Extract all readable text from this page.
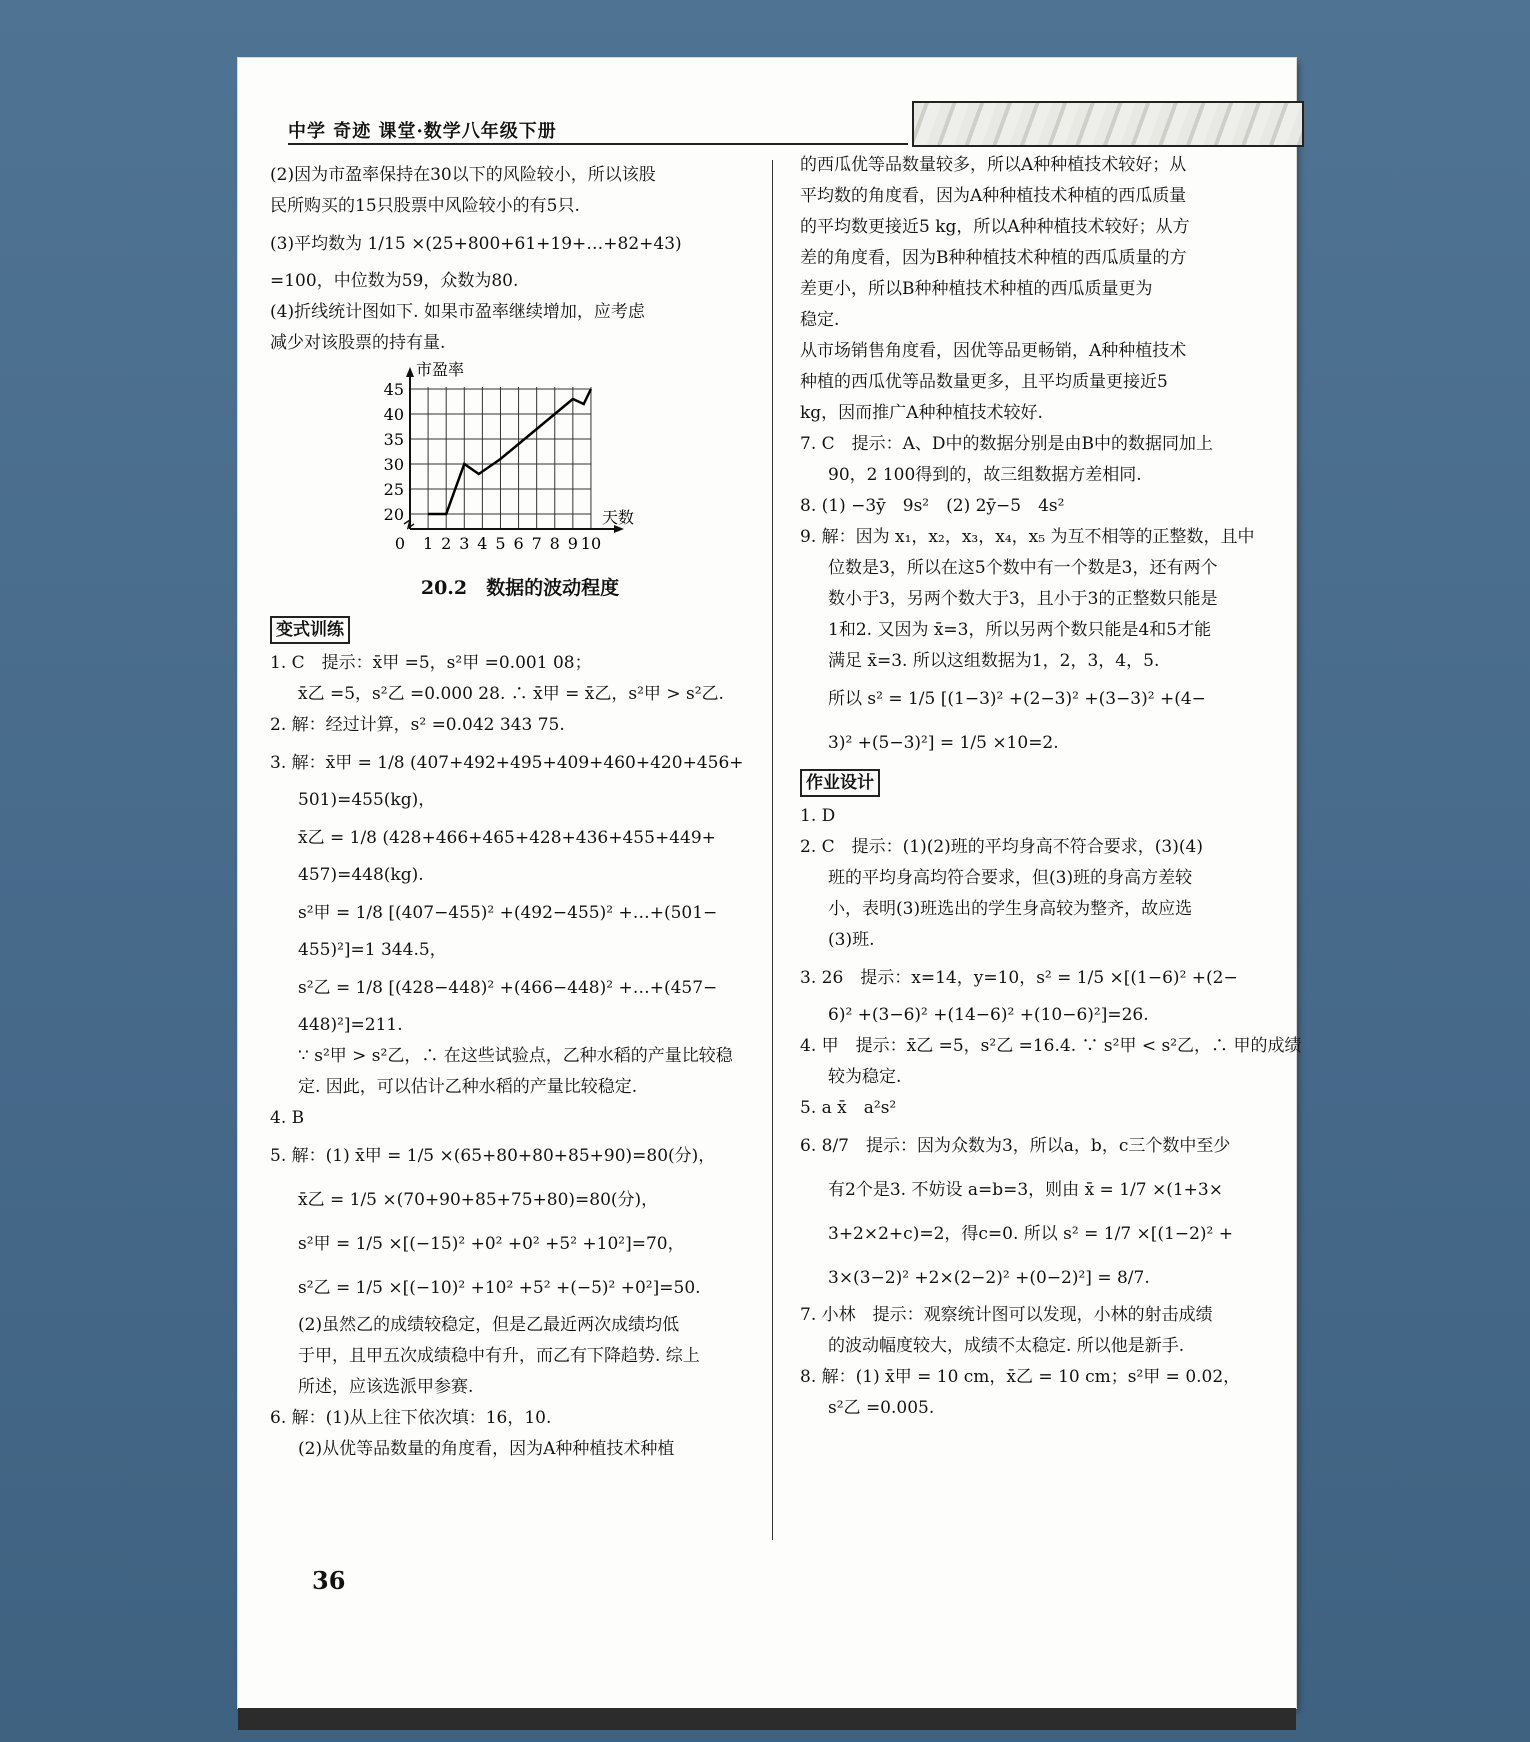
中学 奇迹 课堂·数学八年级下册
(2)因为市盈率保持在30以下的风险较小，所以该股
民所购买的15只股票中风险较小的有5只.
(3)平均数为 1/15 ×(25+800+61+19+…+82+43)
=100，中位数为59，众数为80.
(4)折线统计图如下. 如果市盈率继续增加，应考虑
减少对该股票的持有量.
0 1 2 3 4 5 6 7 8 9 10
20
25
30
35
40
45
市盈率
天数
20.2　数据的波动程度
变式训练
1. C　提示：x̄甲 =5，s²甲 =0.001 08；
x̄乙 =5，s²乙 =0.000 28. ∴ x̄甲 = x̄乙，s²甲 > s²乙.
2. 解：经过计算，s² =0.042 343 75.
3. 解：x̄甲 = 1/8 (407+492+495+409+460+420+456+
501)=455(kg)，
x̄乙 = 1/8 (428+466+465+428+436+455+449+
457)=448(kg).
s²甲 = 1/8 [(407−455)² +(492−455)² +…+(501−
455)²]=1 344.5，
s²乙 = 1/8 [(428−448)² +(466−448)² +…+(457−
448)²]=211.
∵ s²甲 > s²乙，∴ 在这些试验点，乙种水稻的产量比较稳
定. 因此，可以估计乙种水稻的产量比较稳定.
4. B
5. 解：(1) x̄甲 = 1/5 ×(65+80+80+85+90)=80(分)，
x̄乙 = 1/5 ×(70+90+85+75+80)=80(分)，
s²甲 = 1/5 ×[(−15)² +0² +0² +5² +10²]=70，
s²乙 = 1/5 ×[(−10)² +10² +5² +(−5)² +0²]=50.
(2)虽然乙的成绩较稳定，但是乙最近两次成绩均低
于甲，且甲五次成绩稳中有升，而乙有下降趋势. 综上
所述，应该选派甲参赛.
6. 解：(1)从上往下依次填：16，10.
(2)从优等品数量的角度看，因为A种种植技术种植
的西瓜优等品数量较多，所以A种种植技术较好；从
平均数的角度看，因为A种种植技术种植的西瓜质量
的平均数更接近5 kg，所以A种种植技术较好；从方
差的角度看，因为B种种植技术种植的西瓜质量的方
差更小，所以B种种植技术种植的西瓜质量更为
稳定.
从市场销售角度看，因优等品更畅销，A种种植技术
种植的西瓜优等品数量更多，且平均质量更接近5
kg，因而推广A种种植技术较好.
7. C　提示：A、D中的数据分别是由B中的数据同加上
90，2 100得到的，故三组数据方差相同.
8. (1) −3ȳ　9s²　(2) 2ȳ−5　4s²
9. 解：因为 x₁，x₂，x₃，x₄，x₅ 为互不相等的正整数，且中
位数是3，所以在这5个数中有一个数是3，还有两个
数小于3，另两个数大于3，且小于3的正整数只能是
1和2. 又因为 x̄=3，所以另两个数只能是4和5才能
满足 x̄=3. 所以这组数据为1，2，3，4，5.
所以 s² = 1/5 [(1−3)² +(2−3)² +(3−3)² +(4−
3)² +(5−3)²] = 1/5 ×10=2.
作业设计
1. D
2. C　提示：(1)(2)班的平均身高不符合要求，(3)(4)
班的平均身高均符合要求，但(3)班的身高方差较
小，表明(3)班选出的学生身高较为整齐，故应选
(3)班.
3. 26　提示：x=14，y=10，s² = 1/5 ×[(1−6)² +(2−
6)² +(3−6)² +(14−6)² +(10−6)²]=26.
4. 甲　提示：x̄乙 =5，s²乙 =16.4. ∵ s²甲 < s²乙，∴ 甲的成绩
较为稳定.
5. a x̄　a²s²
6. 8/7　提示：因为众数为3，所以a，b，c三个数中至少
有2个是3. 不妨设 a=b=3，则由 x̄ = 1/7 ×(1+3×
3+2×2+c)=2，得c=0. 所以 s² = 1/7 ×[(1−2)² +
3×(3−2)² +2×(2−2)² +(0−2)²] = 8/7.
7. 小林　提示：观察统计图可以发现，小林的射击成绩
的波动幅度较大，成绩不太稳定. 所以他是新手.
8. 解：(1) x̄甲 = 10 cm，x̄乙 = 10 cm；s²甲 = 0.02，
s²乙 =0.005.
36
